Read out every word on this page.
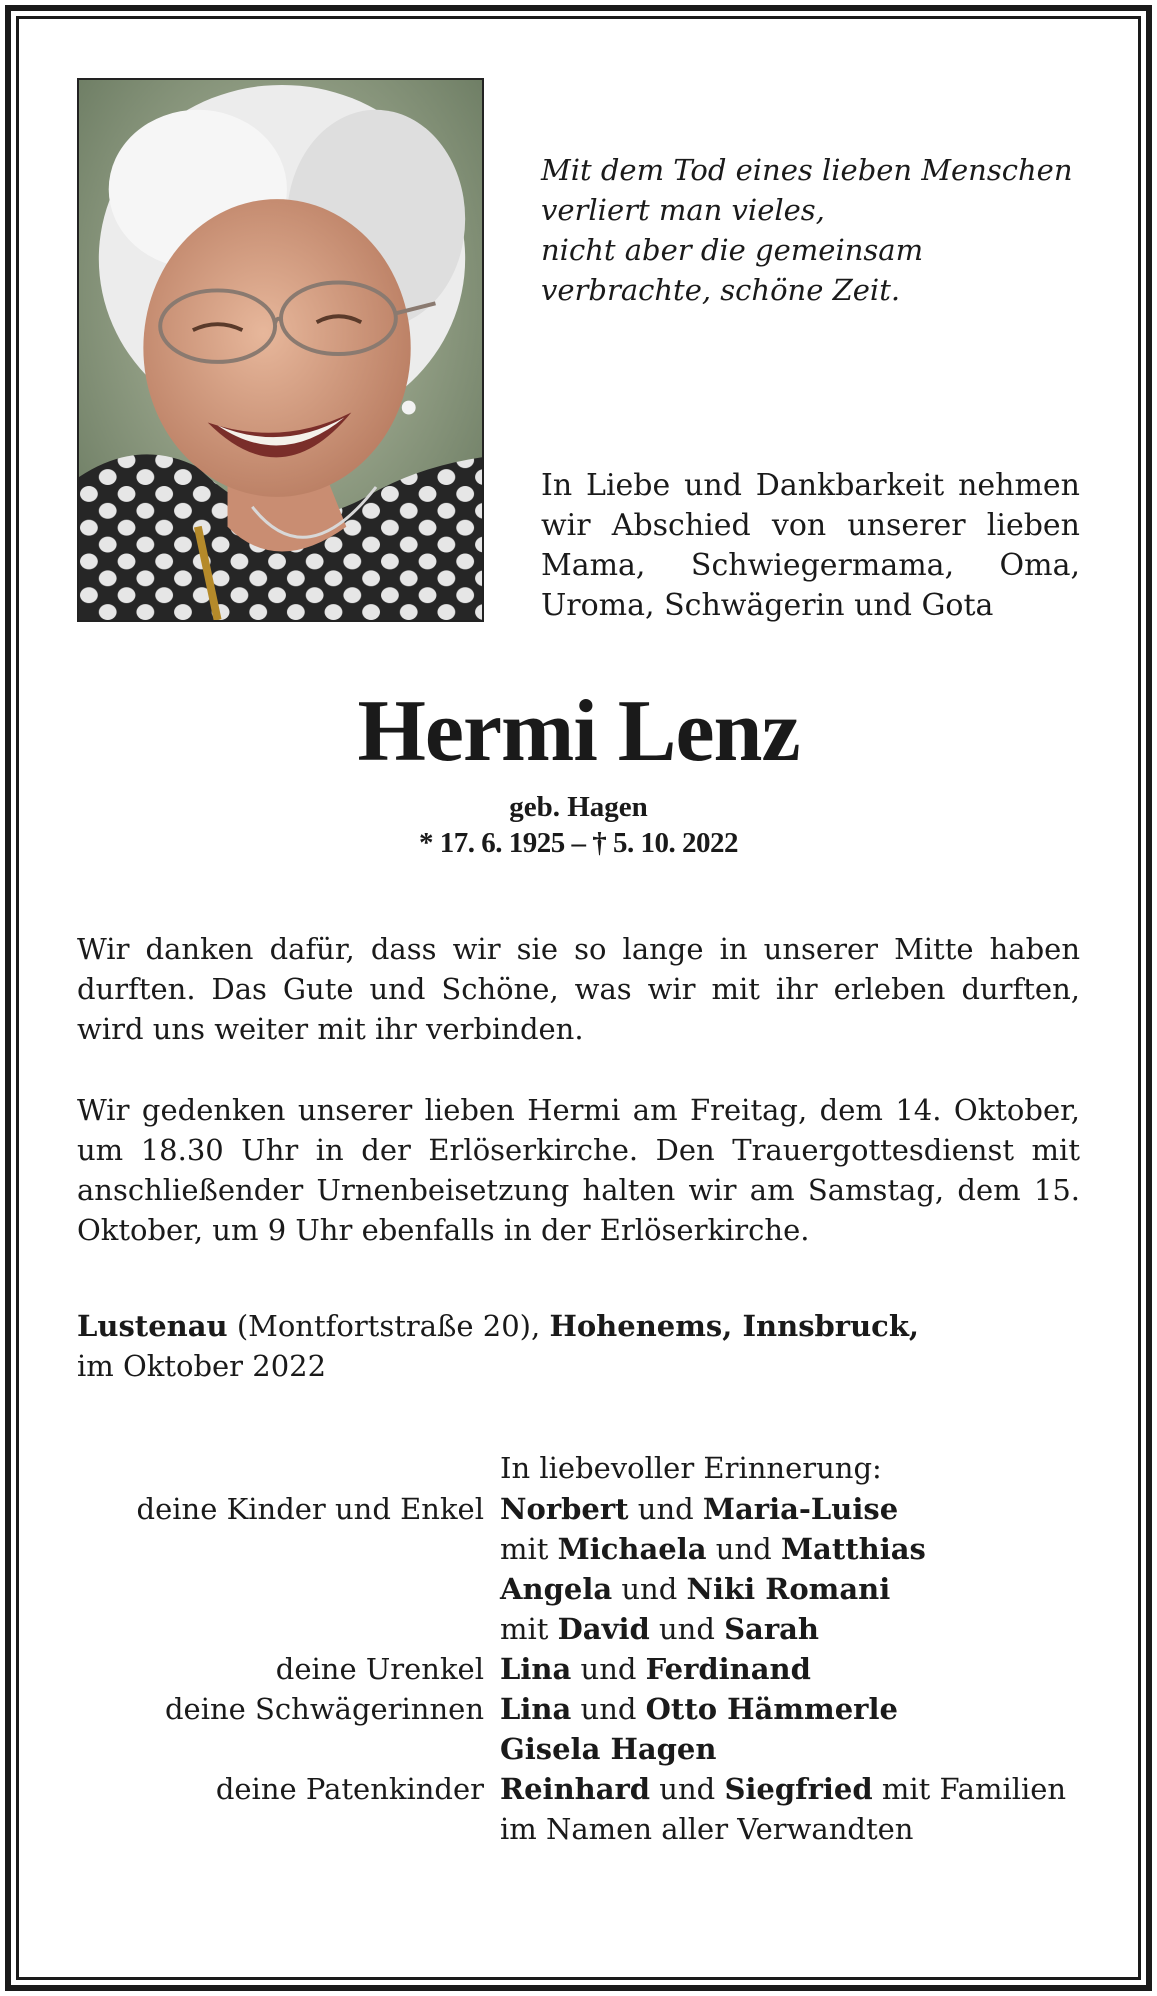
Mit dem Tod eines lieben Menschen
verliert man vieles,
nicht aber die gemeinsam
verbrachte, schöne Zeit.
In Liebe und Dankbarkeit nehmen wir Abschied von unserer lieben Mama, Schwiegermama, Oma, Uroma, Schwägerin und Gota
Hermi Lenz
geb. Hagen
* 17. 6. 1925 – † 5. 10. 2022
Wir danken dafür, dass wir sie so lange in unserer Mitte haben durften. Das Gute und Schöne, was wir mit ihr erleben durften, wird uns weiter mit ihr verbinden.
Wir gedenken unserer lieben Hermi am Freitag, dem 14. Oktober, um 18.30 Uhr in der Erlöserkirche. Den Trauergottesdienst mit anschließender Urnenbeisetzung halten wir am Samstag, dem 15. Oktober, um 9 Uhr ebenfalls in der Erlöserkirche.
Lustenau (Montfortstraße 20), Hohenems, Innsbruck,
im Oktober 2022
In liebevoller Erinnerung:
deine Kinder und Enkel Norbert und Maria-Luise
mit Michaela und Matthias
Angela und Niki Romani
mit David und Sarah
deine Urenkel Lina und Ferdinand
deine Schwägerinnen Lina und Otto Hämmerle
Gisela Hagen
deine Patenkinder Reinhard und Siegfried mit Familien
im Namen aller Verwandten
